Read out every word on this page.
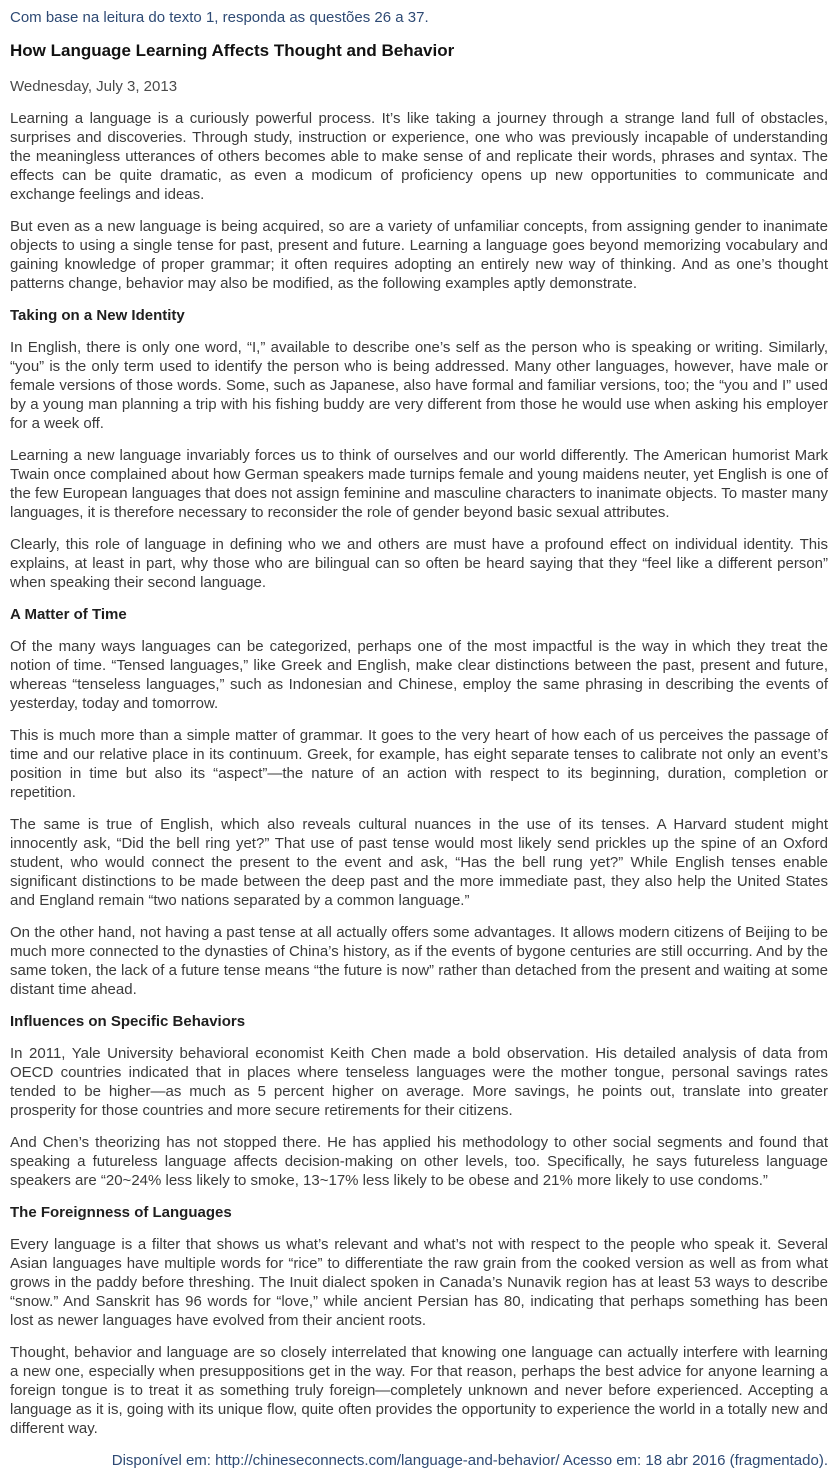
Com base na leitura do texto 1, responda as questões 26 a 37.

How Language Learning Affects Thought and Behavior

Wednesday, July 3, 2013

Learning a language is a curiously powerful process. It’s like taking a journey through a strange land full of obstacles, surprises and discoveries. Through study, instruction or experience, one who was previously incapable of understanding the meaningless utterances of others becomes able to make sense of and replicate their words, phrases and syntax. The effects can be quite dramatic, as even a modicum of proficiency opens up new opportunities to communicate and exchange feelings and ideas.

But even as a new language is being acquired, so are a variety of unfamiliar concepts, from assigning gender to inanimate objects to using a single tense for past, present and future. Learning a language goes beyond memorizing vocabulary and gaining knowledge of proper grammar; it often requires adopting an entirely new way of thinking. And as one’s thought patterns change, behavior may also be modified, as the following examples aptly demonstrate.

Taking on a New Identity

In English, there is only one word, “I,” available to describe one’s self as the person who is speaking or writing. Similarly, “you” is the only term used to identify the person who is being addressed. Many other languages, however, have male or female versions of those words. Some, such as Japanese, also have formal and familiar versions, too; the “you and I” used by a young man planning a trip with his fishing buddy are very different from those he would use when asking his employer for a week off.

Learning a new language invariably forces us to think of ourselves and our world differently. The American humorist Mark Twain once complained about how German speakers made turnips female and young maidens neuter, yet English is one of the few European languages that does not assign feminine and masculine characters to inanimate objects. To master many languages, it is therefore necessary to reconsider the role of gender beyond basic sexual attributes.

Clearly, this role of language in defining who we and others are must have a profound effect on individual identity. This explains, at least in part, why those who are bilingual can so often be heard saying that they “feel like a different person” when speaking their second language.

A Matter of Time

Of the many ways languages can be categorized, perhaps one of the most impactful is the way in which they treat the notion of time. “Tensed languages,” like Greek and English, make clear distinctions between the past, present and future, whereas “tenseless languages,” such as Indonesian and Chinese, employ the same phrasing in describing the events of yesterday, today and tomorrow.

This is much more than a simple matter of grammar. It goes to the very heart of how each of us perceives the passage of time and our relative place in its continuum. Greek, for example, has eight separate tenses to calibrate not only an event’s position in time but also its “aspect”—the nature of an action with respect to its beginning, duration, completion or repetition.

The same is true of English, which also reveals cultural nuances in the use of its tenses. A Harvard student might innocently ask, “Did the bell ring yet?” That use of past tense would most likely send prickles up the spine of an Oxford student, who would connect the present to the event and ask, “Has the bell rung yet?” While English tenses enable significant distinctions to be made between the deep past and the more immediate past, they also help the United States and England remain “two nations separated by a common language.”

On the other hand, not having a past tense at all actually offers some advantages. It allows modern citizens of Beijing to be much more connected to the dynasties of China’s history, as if the events of bygone centuries are still occurring. And by the same token, the lack of a future tense means “the future is now” rather than detached from the present and waiting at some distant time ahead.

Influences on Specific Behaviors

In 2011, Yale University behavioral economist Keith Chen made a bold observation. His detailed analysis of data from OECD countries indicated that in places where tenseless languages were the mother tongue, personal savings rates tended to be higher—as much as 5 percent higher on average. More savings, he points out, translate into greater prosperity for those countries and more secure retirements for their citizens.

And Chen’s theorizing has not stopped there. He has applied his methodology to other social segments and found that speaking a futureless language affects decision-making on other levels, too. Specifically, he says futureless language speakers are “20~24% less likely to smoke, 13~17% less likely to be obese and 21% more likely to use condoms.”

The Foreignness of Languages

Every language is a filter that shows us what’s relevant and what’s not with respect to the people who speak it. Several Asian languages have multiple words for “rice” to differentiate the raw grain from the cooked version as well as from what grows in the paddy before threshing. The Inuit dialect spoken in Canada’s Nunavik region has at least 53 ways to describe “snow.” And Sanskrit has 96 words for “love,” while ancient Persian has 80, indicating that perhaps something has been lost as newer languages have evolved from their ancient roots.

Thought, behavior and language are so closely interrelated that knowing one language can actually interfere with learning a new one, especially when presuppositions get in the way. For that reason, perhaps the best advice for anyone learning a foreign tongue is to treat it as something truly foreign—completely unknown and never before experienced. Accepting a language as it is, going with its unique flow, quite often provides the opportunity to experience the world in a totally new and different way.

Disponível em: http://chineseconnects.com/language-and-behavior/ Acesso em: 18 abr 2016 (fragmentado).
